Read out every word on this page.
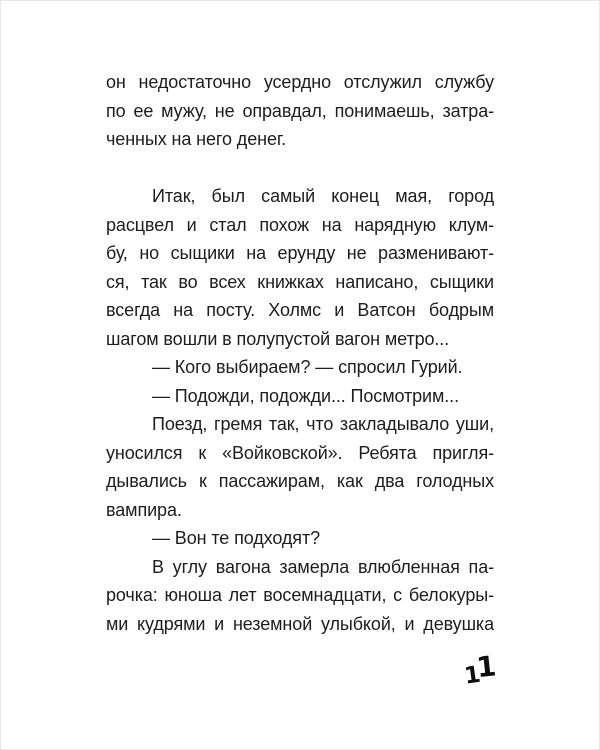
он недостаточно усердно отслужил службу
по ее мужу, не оправдал, понимаешь, затра-
ченных на него денег.
Итак, был самый конец мая, город
расцвел и стал похож на нарядную клум-
бу, но сыщики на ерунду не разменивают-
ся, так во всех книжках написано, сыщики
всегда на посту. Холмс и Ватсон бодрым
шагом вошли в полупустой вагон метро...
— Кого выбираем? — спросил Гурий.
— Подожди, подожди... Посмотрим...
Поезд, гремя так, что закладывало уши,
уносился к «Войковской». Ребята пригля-
дывались к пассажирам, как два голодных
вампира.
— Вон те подходят?
В углу вагона замерла влюбленная па-
рочка: юноша лет восемнадцати, с белокуры-
ми кудрями и неземной улыбкой, и девушка
11
